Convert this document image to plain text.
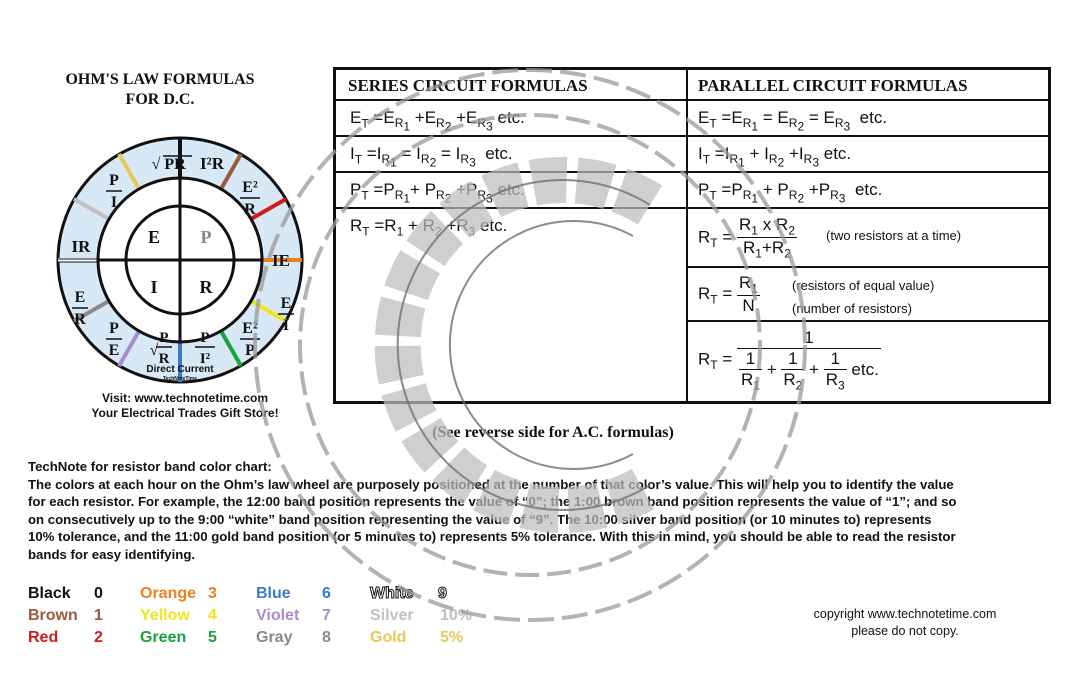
OHM'S LAW FORMULAS
FOR D.C.
E P
I R
√ PR I²R
E²
R
IE
E
I
E²
P
P
I²
√
P
R
P
E
E
R
IR
P
I
Direct Current
TechNoteTime
Visit: www.technotetime.com
Your Electrical Trades Gift Store!
SERIES CIRCUIT FORMULAS	PARALLEL CIRCUIT FORMULAS
$E_T =E_{R_1} +E_{R_2} +E_{R_3}$ etc.
$I_T =I_{R_1} = I_{R_2} = I_{R_3}$ etc.
$P_T =P_{R_1}+ P_{R_2} +P_{R_3}$ etc.
$R_T =R_1 + R_2 +R_3$ etc.
$E_T =E_{R_1} = E_{R_2} = E_{R_3}$ etc.
$I_T =I_{R_1} + I_{R_2} +I_{R_3}$ etc.
$P_T =P_{R_1} + P_{R_2} +P_{R_3}$ etc.
$R_T = \frac{R_1 x R_2}{R_1+R_2} (two$ resistors at a time)
$R_T = \frac{R_1}{N}$ (resistors of equal value)
(number of resistors)
$R_T = \frac{1}{\frac{1}{R_1} + \frac{1}{R_2} + \frac{1}{R_3} etc.}$
(See reverse side for A.C. formulas)
TechNote for resistor band color chart:
The colors at each hour on the Ohm’s law wheel are purposely positioned at the number of that color’s value. This will help you to identify the value for each resistor. For example, the 12:00 band position represents the value of “0”; the 1:00 brown band position represents the value of “1”; and so on consecutively up to the 9:00 “white” band position representing the value of “9”. The 10:00 silver band position (or 10 minutes to) represents 10% tolerance, and the 11:00 gold band position (or 5 minutes to) represents 5% tolerance. With this in mind, you should be able to read the resistor bands for easy identifying.
Black 0
Brown 1
Red 2
Orange 3
Yellow 4
Green 5
Blue 6
Violet 7
Gray 8
White 9
Silver 10%
Gold 5%
copyright www.technotetime.com
please do not copy.
